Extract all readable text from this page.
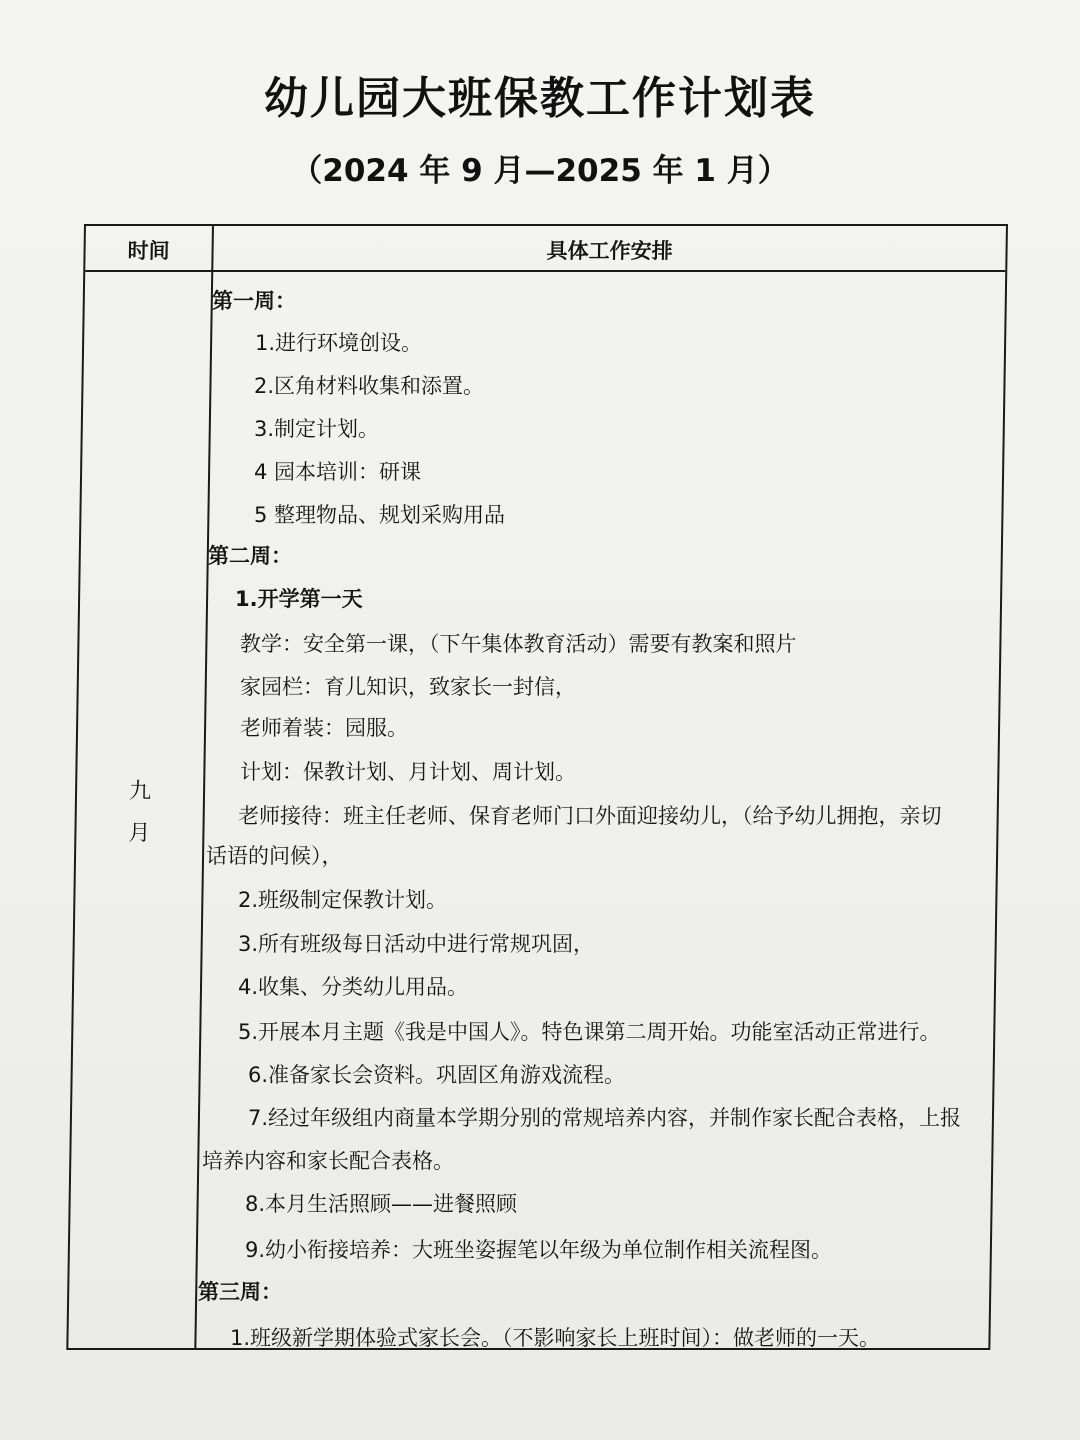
幼儿园大班保教工作计划表
（2024 年 9 月—2025 年 1 月）
时间	具体工作安排
九
月
第一周：
1.进行环境创设。
2.区角材料收集和添置。
3.制定计划。
4 园本培训：研课
5 整理物品、规划采购用品
第二周：
1.开学第一天
教学：安全第一课，（下午集体教育活动）需要有教案和照片
家园栏：育儿知识，致家长一封信，
老师着装：园服。
计划：保教计划、月计划、周计划。
老师接待：班主任老师、保育老师门口外面迎接幼儿，（给予幼儿拥抱，亲切
话语的问候），
2.班级制定保教计划。
3.所有班级每日活动中进行常规巩固，
4.收集、分类幼儿用品。
5.开展本月主题《我是中国人》。特色课第二周开始。功能室活动正常进行。
6.准备家长会资料。巩固区角游戏流程。
7.经过年级组内商量本学期分别的常规培养内容，并制作家长配合表格，上报
培养内容和家长配合表格。
8.本月生活照顾——进餐照顾
9.幼小衔接培养：大班坐姿握笔以年级为单位制作相关流程图。
第三周：
1.班级新学期体验式家长会。（不影响家长上班时间）：做老师的一天。
